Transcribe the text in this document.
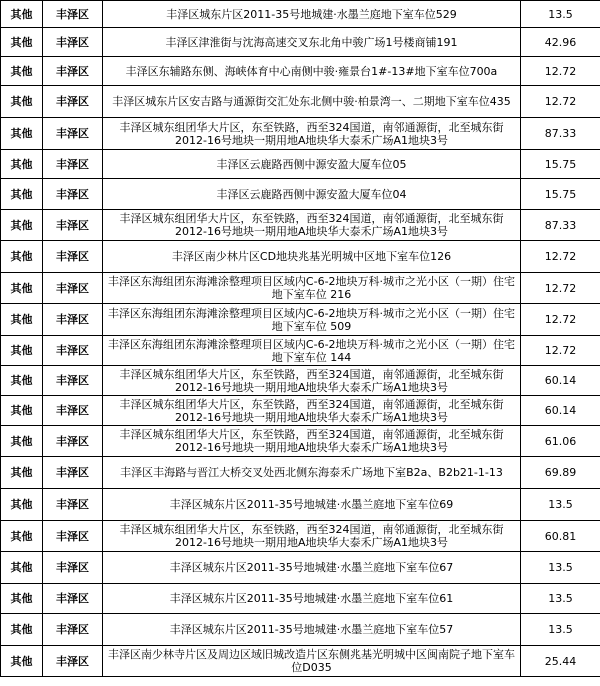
其他	丰泽区	丰泽区城东片区2011-35号地城建·水墨兰庭地下室车位529	13.5
其他	丰泽区	丰泽区津淮街与沈海高速交叉东北角中骏广场1号楼商铺191	42.96
其他	丰泽区	丰泽区东辅路东侧、海峡体育中心南侧中骏·雍景台1#-13#地下室车位700a	12.72
其他	丰泽区	丰泽区城东片区安吉路与通源街交汇处东北侧中骏·柏景湾一、二期地下室车位435	12.72
其他	丰泽区	丰泽区城东组团华大片区，东至铁路，西至324国道，南邻通源街，北至城东街2012-16号地块一期用地A地块华大泰禾广场A1地块3号	87.33
其他	丰泽区	丰泽区云鹿路西侧中源安盈大厦车位05	15.75
其他	丰泽区	丰泽区云鹿路西侧中源安盈大厦车位04	15.75
其他	丰泽区	丰泽区城东组团华大片区，东至铁路，西至324国道，南邻通源街，北至城东街2012-16号地块一期用地A地块华大泰禾广场A1地块3号	87.33
其他	丰泽区	丰泽区南少林片区CD地块兆基光明城中区地下室车位126	12.72
其他	丰泽区	丰泽区东海组团东海滩涂整理项目区域内C-6-2地块万科·城市之光小区（一期）住宅地下室车位 216	12.72
其他	丰泽区	丰泽区东海组团东海滩涂整理项目区域内C-6-2地块万科·城市之光小区（一期）住宅地下室车位 509	12.72
其他	丰泽区	丰泽区东海组团东海滩涂整理项目区域内C-6-2地块万科·城市之光小区（一期）住宅地下室车位 144	12.72
其他	丰泽区	丰泽区城东组团华大片区，东至铁路，西至324国道，南邻通源街，北至城东街2012-16号地块一期用地A地块华大泰禾广场A1地块3号	60.14
其他	丰泽区	丰泽区城东组团华大片区，东至铁路，西至324国道，南邻通源街，北至城东街2012-16号地块一期用地A地块华大泰禾广场A1地块3号	60.14
其他	丰泽区	丰泽区城东组团华大片区，东至铁路，西至324国道，南邻通源街，北至城东街2012-16号地块一期用地A地块华大泰禾广场A1地块3号	61.06
其他	丰泽区	丰泽区丰海路与晋江大桥交叉处西北侧东海泰禾广场地下室B2a、B2b21-1-13	69.89
其他	丰泽区	丰泽区城东片区2011-35号地城建·水墨兰庭地下室车位69	13.5
其他	丰泽区	丰泽区城东组团华大片区，东至铁路，西至324国道，南邻通源街，北至城东街2012-16号地块一期用地A地块华大泰禾广场A1地块3号	60.81
其他	丰泽区	丰泽区城东片区2011-35号地城建·水墨兰庭地下室车位67	13.5
其他	丰泽区	丰泽区城东片区2011-35号地城建·水墨兰庭地下室车位61	13.5
其他	丰泽区	丰泽区城东片区2011-35号地城建·水墨兰庭地下室车位57	13.5
其他	丰泽区	丰泽区南少林寺片区及周边区域旧城改造片区东侧兆基光明城中区闽南院子地下室车位D035	25.44
